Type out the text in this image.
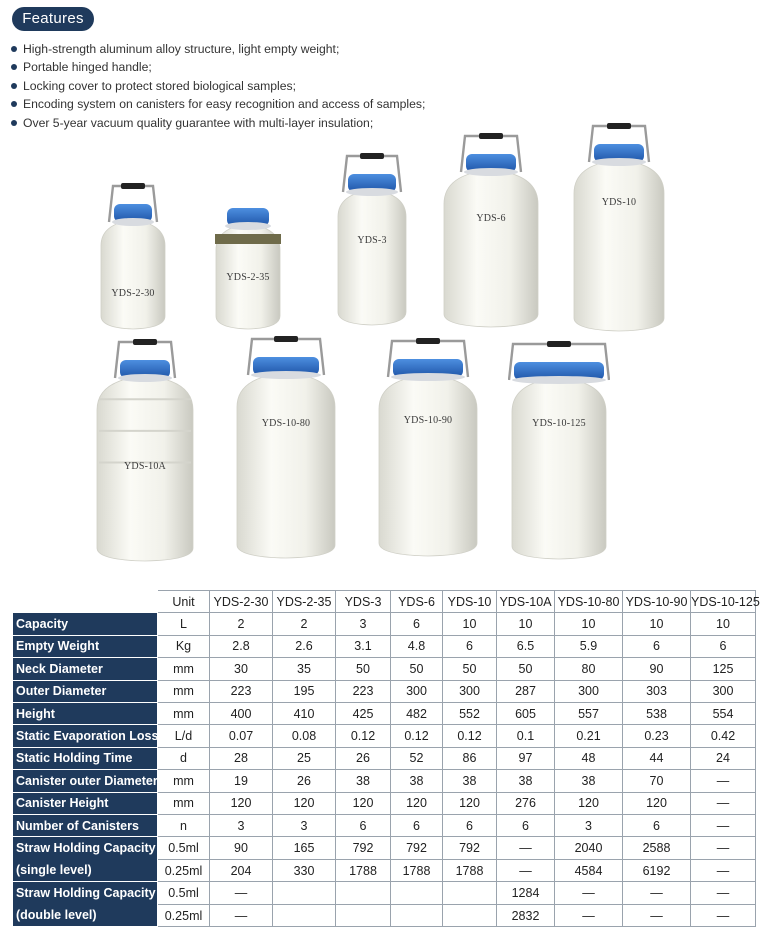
Features
High-strength aluminum alloy structure, light empty weight;
Portable hinged handle;
Locking cover to protect stored biological samples;
Encoding system on canisters for easy recognition and access of samples;
Over 5-year vacuum quality guarantee with multi-layer insulation;
YDS-2-30
YDS-2-35
YDS-3
YDS-6
YDS-10
YDS-10A
YDS-10-80	YDS-10-90	YDS-10-125
Model	Unit	YDS-2-30	YDS-2-35	YDS-3	YDS-6	YDS-10	YDS-10A	YDS-10-80	YDS-10-90	YDS-10-125
Capacity	L	2	2	3	6	10	10	10	10	10
Empty Weight	Kg	2.8	2.6	3.1	4.8	6	6.5	5.9	6	6
Neck Diameter	mm	30	35	50	50	50	50	80	90	125
Outer Diameter	mm	223	195	223	300	300	287	300	303	300
Height	mm	400	410	425	482	552	605	557	538	554
Static Evaporation Loss	L/d	0.07	0.08	0.12	0.12	0.12	0.1	0.21	0.23	0.42
Static Holding Time	d	28	25	26	52	86	97	48	44	24
Canister outer Diameter	mm	19	26	38	38	38	38	38	70	—
Canister Height	mm	120	120	120	120	120	276	120	120	—
Number of Canisters	n	3	3	6	6	6	6	3	6	—

Straw Holding Capacity
(single level)	0.5ml	90	165	792	792	792	—	2040	2588	—
	0.25ml	204	330	1788	1788	1788	—	4584	6192	—

Straw Holding Capacity
(double level)	0.5ml	—					1284	—	—	—
	0.25ml	—					2832	—	—	—
